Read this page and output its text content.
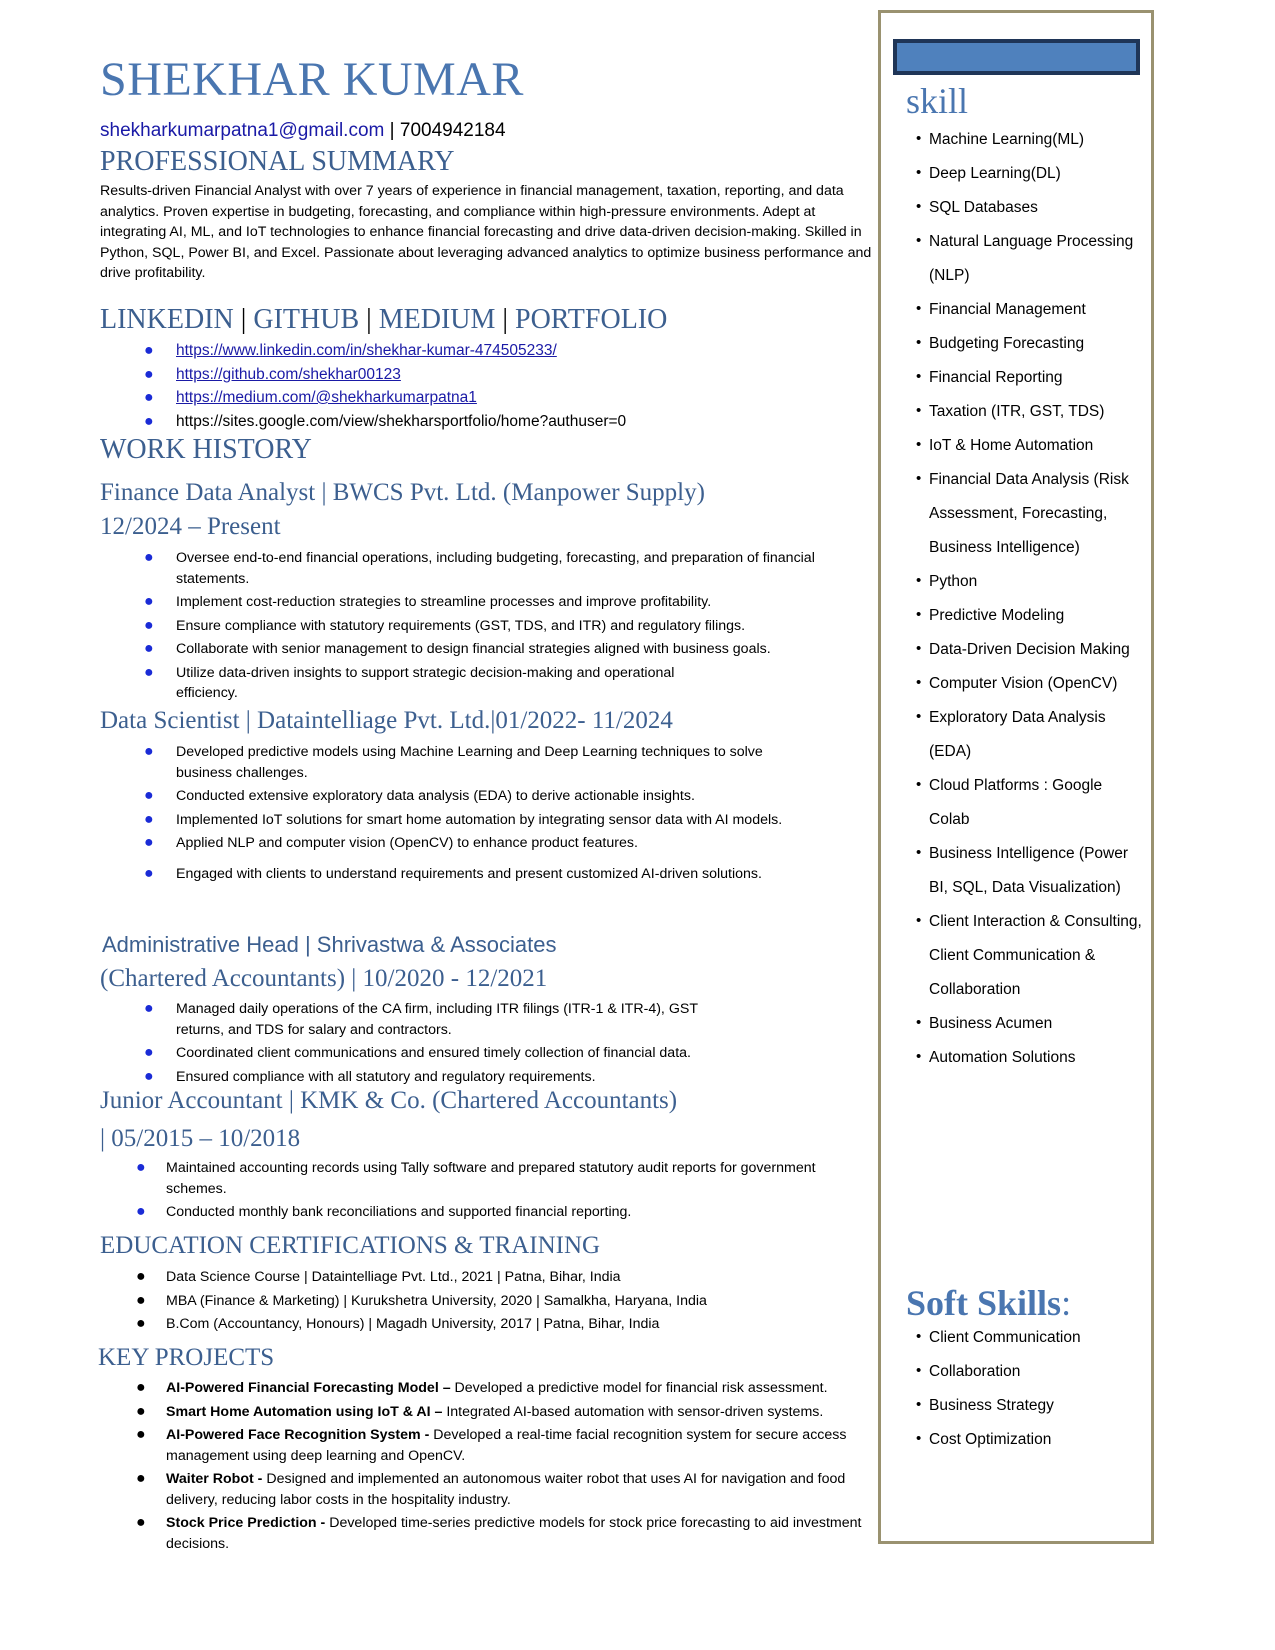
SHEKHAR KUMAR
shekharkumarpatna1@gmail.com | 7004942184
PROFESSIONAL SUMMARY

Results-driven Financial Analyst with over 7 years of experience in financial management, taxation, reporting, and data analytics. Proven expertise in budgeting, forecasting, and compliance within high-pressure environments. Adept at integrating AI, ML, and IoT technologies to enhance financial forecasting and drive data-driven decision-making. Skilled in Python, SQL, Power BI, and Excel. Passionate about leveraging advanced analytics to optimize business performance and drive profitability.

LINKEDIN | GITHUB | MEDIUM | PORTFOLIO
● https://www.linkedin.com/in/shekhar-kumar-474505233/
● https://github.com/shekhar00123
● https://medium.com/@shekharkumarpatna1
● https://sites.google.com/view/shekharsportfolio/home?authuser=0
WORK HISTORY
Finance Data Analyst | BWCS Pvt. Ltd. (Manpower Supply)
12/2024 – Present
● Oversee end-to-end financial operations, including budgeting, forecasting, and preparation of financial statements.
● Implement cost-reduction strategies to streamline processes and improve profitability.
● Ensure compliance with statutory requirements (GST, TDS, and ITR) and regulatory filings.
● Collaborate with senior management to design financial strategies aligned with business goals.
● Utilize data-driven insights to support strategic decision-making and operational efficiency.
Data Scientist | Dataintelliage Pvt. Ltd.|01/2022- 11/2024
● Developed predictive models using Machine Learning and Deep Learning techniques to solve business challenges.
● Conducted extensive exploratory data analysis (EDA) to derive actionable insights.
● Implemented IoT solutions for smart home automation by integrating sensor data with AI models.
● Applied NLP and computer vision (OpenCV) to enhance product features.
● Engaged with clients to understand requirements and present customized AI-driven solutions.
Administrative Head | Shrivastwa & Associates
(Chartered Accountants) | 10/2020 - 12/2021
● Managed daily operations of the CA firm, including ITR filings (ITR-1 & ITR-4), GST returns, and TDS for salary and contractors.
● Coordinated client communications and ensured timely collection of financial data.
● Ensured compliance with all statutory and regulatory requirements.
Junior Accountant | KMK & Co. (Chartered Accountants)
| 05/2015 – 10/2018
● Maintained accounting records using Tally software and prepared statutory audit reports for government schemes.
● Conducted monthly bank reconciliations and supported financial reporting.
EDUCATION CERTIFICATIONS & TRAINING
● Data Science Course | Dataintelliage Pvt. Ltd., 2021 | Patna, Bihar, India
● MBA (Finance & Marketing) | Kurukshetra University, 2020 | Samalkha, Haryana, India
● B.Com (Accountancy, Honours) | Magadh University, 2017 | Patna, Bihar, India
KEY PROJECTS
● AI-Powered Financial Forecasting Model – Developed a predictive model for financial risk assessment.
● Smart Home Automation using IoT & AI – Integrated AI-based automation with sensor-driven systems.
● AI-Powered Face Recognition System - Developed a real-time facial recognition system for secure access management using deep learning and OpenCV.
● Waiter Robot - Designed and implemented an autonomous waiter robot that uses AI for navigation and food delivery, reducing labor costs in the hospitality industry.
● Stock Price Prediction - Developed time-series predictive models for stock price forecasting to aid investment decisions.
skill
• Machine Learning(ML)
• Deep Learning(DL)
• SQL Databases
• Natural Language Processing (NLP)
• Financial Management
• Budgeting Forecasting
• Financial Reporting
• Taxation (ITR, GST, TDS)
• IoT & Home Automation
• Financial Data Analysis (Risk Assessment, Forecasting, Business Intelligence)
• Python
• Predictive Modeling
• Data-Driven Decision Making
• Computer Vision (OpenCV)
• Exploratory Data Analysis (EDA)
• Cloud Platforms : Google Colab
• Business Intelligence (Power BI, SQL, Data Visualization)
• Client Interaction & Consulting, Client Communication & Collaboration
• Business Acumen
• Automation Solutions
Soft Skills:
• Client Communication
• Collaboration
• Business Strategy
• Cost Optimization
